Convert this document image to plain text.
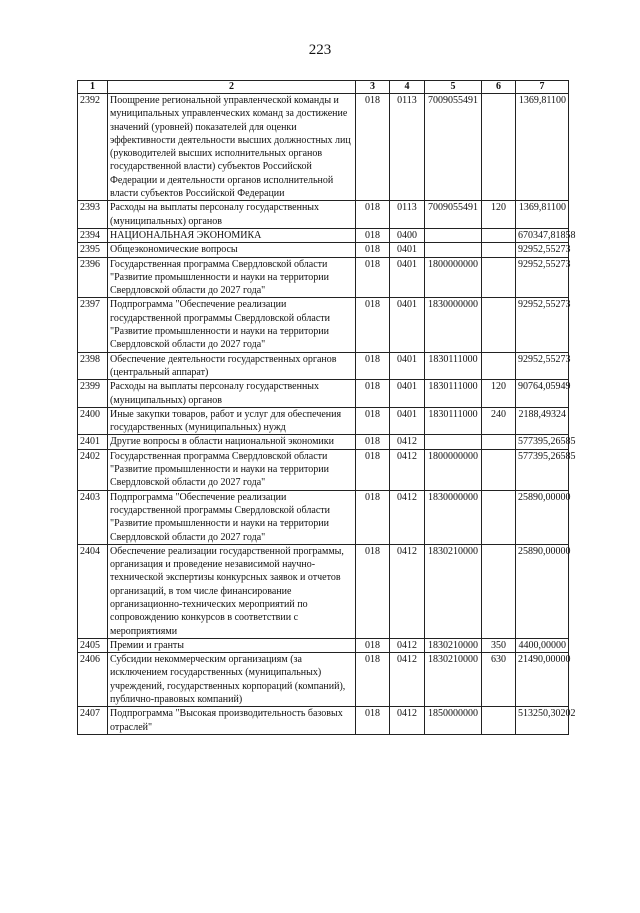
223
1	2	3	4	5	6	7
2392	Поощрение региональной управленческой команды и муниципальных управленческих команд за достижение значений (уровней) показателей для оценки эффективности деятельности высших должностных лиц (руководителей высших исполнительных органов государственной власти) субъектов Российской Федерации и деятельности органов исполнительной власти субъектов Российской Федерации	018	0113	7009055491		1369,81100
2393	Расходы на выплаты персоналу государственных (муниципальных) органов	018	0113	7009055491	120	1369,81100
2394	НАЦИОНАЛЬНАЯ ЭКОНОМИКА	018	0400			670347,81858
2395	Общеэкономические вопросы	018	0401			92952,55273
2396	Государственная программа Свердловской области "Развитие промышленности и науки на территории Свердловской области до 2027 года"	018	0401	1800000000		92952,55273
2397	Подпрограмма "Обеспечение реализации государственной программы Свердловской области "Развитие промышленности и науки на территории Свердловской области до 2027 года"	018	0401	1830000000		92952,55273
2398	Обеспечение деятельности государственных органов (центральный аппарат)	018	0401	1830111000		92952,55273
2399	Расходы на выплаты персоналу государственных (муниципальных) органов	018	0401	1830111000	120	90764,05949
2400	Иные закупки товаров, работ и услуг для обеспечения государственных (муниципальных) нужд	018	0401	1830111000	240	2188,49324
2401	Другие вопросы в области национальной экономики	018	0412			577395,26585
2402	Государственная программа Свердловской области "Развитие промышленности и науки на территории Свердловской области до 2027 года"	018	0412	1800000000		577395,26585
2403	Подпрограмма "Обеспечение реализации государственной программы Свердловской области "Развитие промышленности и науки на территории Свердловской области до 2027 года"	018	0412	1830000000		25890,00000
2404	Обеспечение реализации государственной программы, организация и проведение независимой научно-технической экспертизы конкурсных заявок и отчетов организаций, в том числе финансирование организационно-технических мероприятий по сопровождению конкурсов в соответствии с мероприятиями	018	0412	1830210000		25890,00000
2405	Премии и гранты	018	0412	1830210000	350	4400,00000
2406	Субсидии некоммерческим организациям (за исключением государственных (муниципальных) учреждений, государственных корпораций (компаний), публично-правовых компаний)	018	0412	1830210000	630	21490,00000
2407	Подпрограмма "Высокая производительность базовых отраслей"	018	0412	1850000000		513250,30202
